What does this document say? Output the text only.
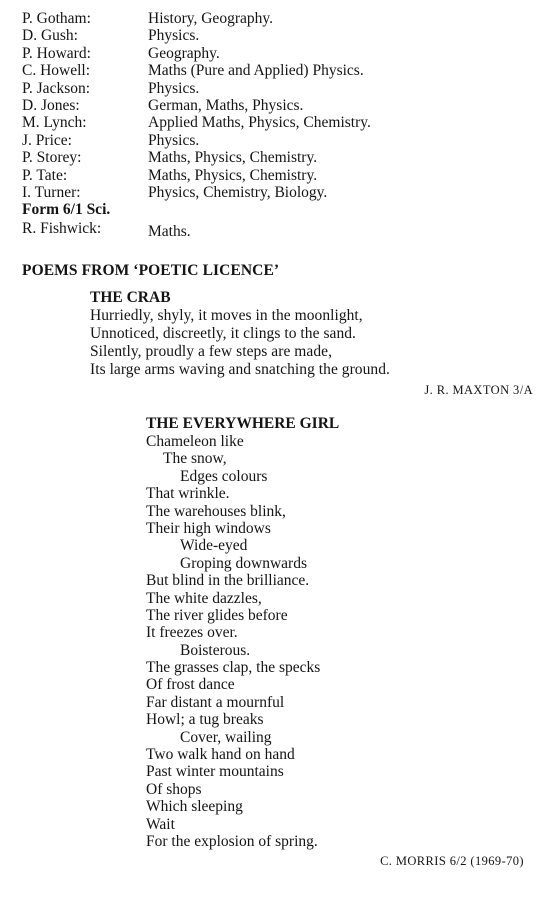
P. Gotham:	History, Geography.
D. Gush:	Physics.
P. Howard:	Geography.
C. Howell:	Maths (Pure and Applied) Physics.
P. Jackson:	Physics.
D. Jones:	German, Maths, Physics.
M. Lynch:	Applied Maths, Physics, Chemistry.
J. Price:	Physics.
P. Storey:	Maths, Physics, Chemistry.
P. Tate:	Maths, Physics, Chemistry.
I. Turner:	Physics, Chemistry, Biology.
Form 6/1 Sci.
R. Fishwick:	Maths.
POEMS FROM ‘POETIC LICENCE’
THE CRAB
Hurriedly, shyly, it moves in the moonlight,
Unnoticed, discreetly, it clings to the sand.
Silently, proudly a few steps are made,
Its large arms waving and snatching the ground.
J. R. MAXTON 3/A
THE EVERYWHERE GIRL
Chameleon like
The snow,
Edges colours
That wrinkle.
The warehouses blink,
Their high windows
Wide-eyed
Groping downwards
But blind in the brilliance.
The white dazzles,
The river glides before
It freezes over.
Boisterous.
The grasses clap, the specks
Of frost dance
Far distant a mournful
Howl; a tug breaks
Cover, wailing
Two walk hand on hand
Past winter mountains
Of shops
Which sleeping
Wait
For the explosion of spring.
C. MORRIS 6/2 (1969-70)
